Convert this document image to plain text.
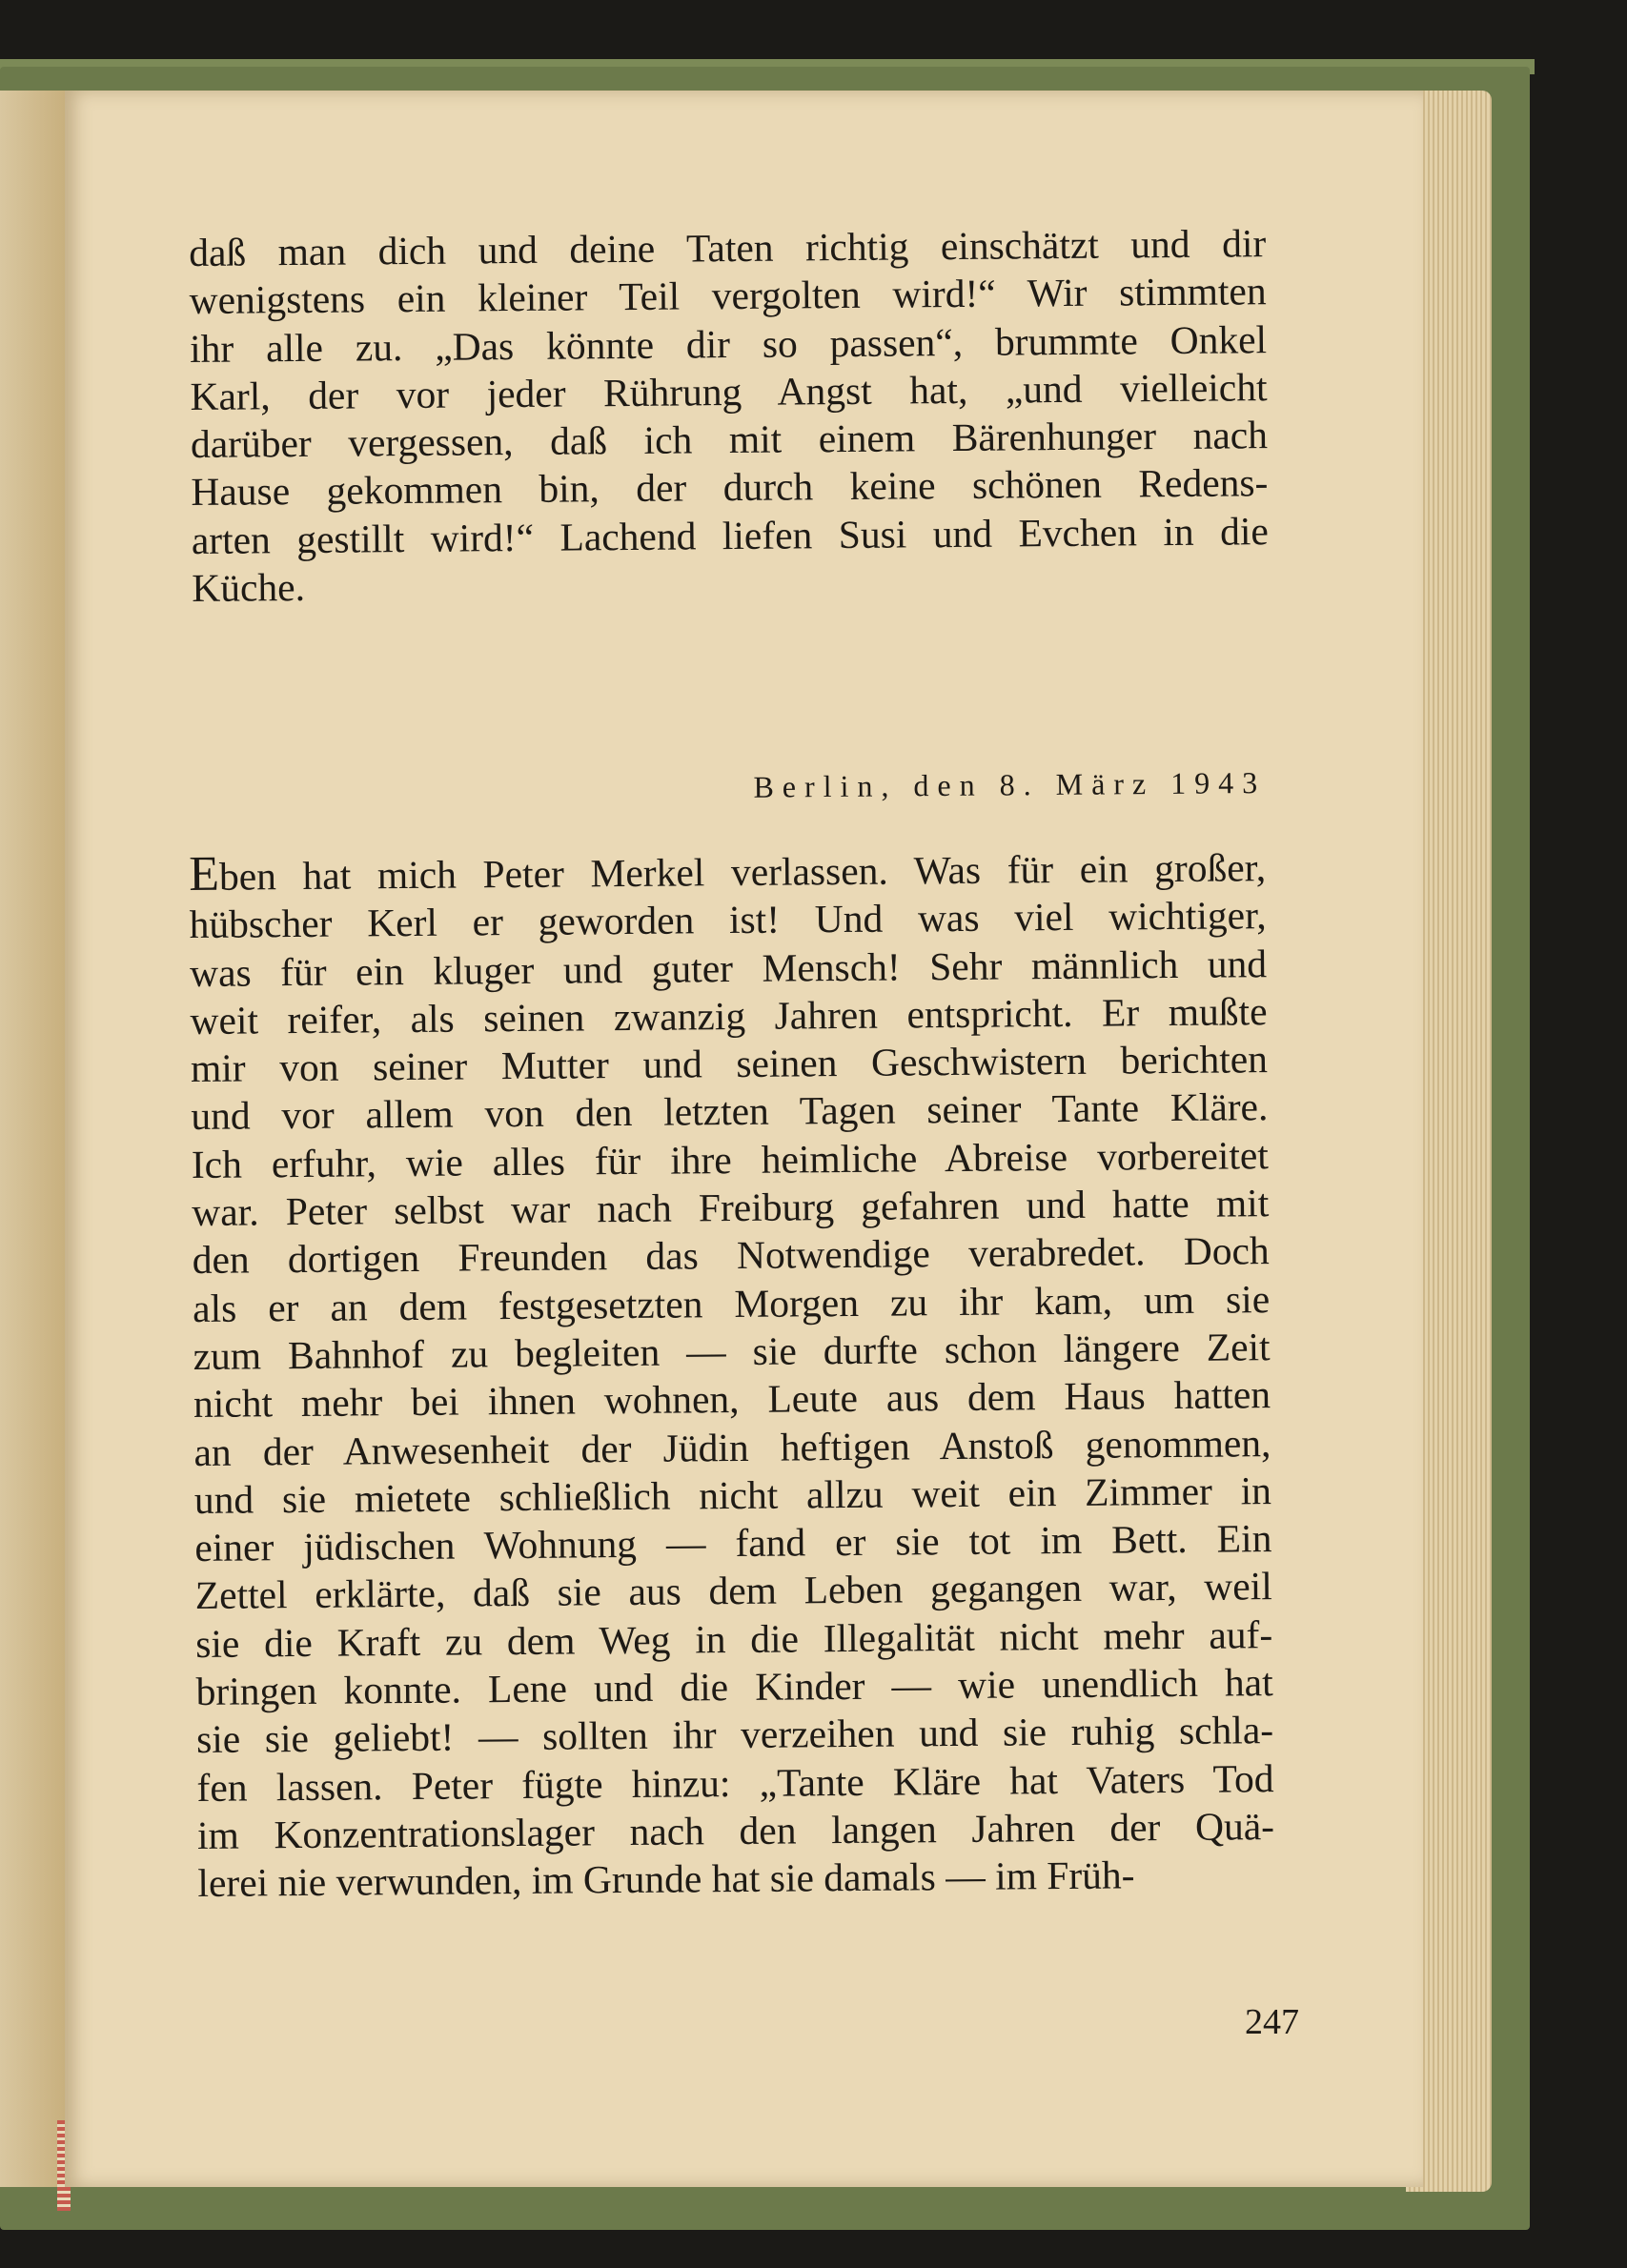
daß man dich und deine Taten richtig einschätzt und dir
wenigstens ein kleiner Teil vergolten wird!“ Wir stimmten
ihr alle zu. „Das könnte dir so passen“, brummte Onkel
Karl, der vor jeder Rührung Angst hat, „und vielleicht
darüber vergessen, daß ich mit einem Bärenhunger nach
Hause gekommen bin, der durch keine schönen Redens-
arten gestillt wird!“ Lachend liefen Susi und Evchen in die
Küche.

Berlin, den 8. März 1943

Eben hat mich Peter Merkel verlassen. Was für ein großer,
hübscher Kerl er geworden ist! Und was viel wichtiger,
was für ein kluger und guter Mensch! Sehr männlich und
weit reifer, als seinen zwanzig Jahren entspricht. Er mußte
mir von seiner Mutter und seinen Geschwistern berichten
und vor allem von den letzten Tagen seiner Tante Kläre.
Ich erfuhr, wie alles für ihre heimliche Abreise vorbereitet
war. Peter selbst war nach Freiburg gefahren und hatte mit
den dortigen Freunden das Notwendige verabredet. Doch
als er an dem festgesetzten Morgen zu ihr kam, um sie
zum Bahnhof zu begleiten — sie durfte schon längere Zeit
nicht mehr bei ihnen wohnen, Leute aus dem Haus hatten
an der Anwesenheit der Jüdin heftigen Anstoß genommen,
und sie mietete schließlich nicht allzu weit ein Zimmer in
einer jüdischen Wohnung — fand er sie tot im Bett. Ein
Zettel erklärte, daß sie aus dem Leben gegangen war, weil
sie die Kraft zu dem Weg in die Illegalität nicht mehr auf-
bringen konnte. Lene und die Kinder — wie unendlich hat
sie sie geliebt! — sollten ihr verzeihen und sie ruhig schla-
fen lassen. Peter fügte hinzu: „Tante Kläre hat Vaters Tod
im Konzentrationslager nach den langen Jahren der Quä-
lerei nie verwunden, im Grunde hat sie damals — im Früh-

247
